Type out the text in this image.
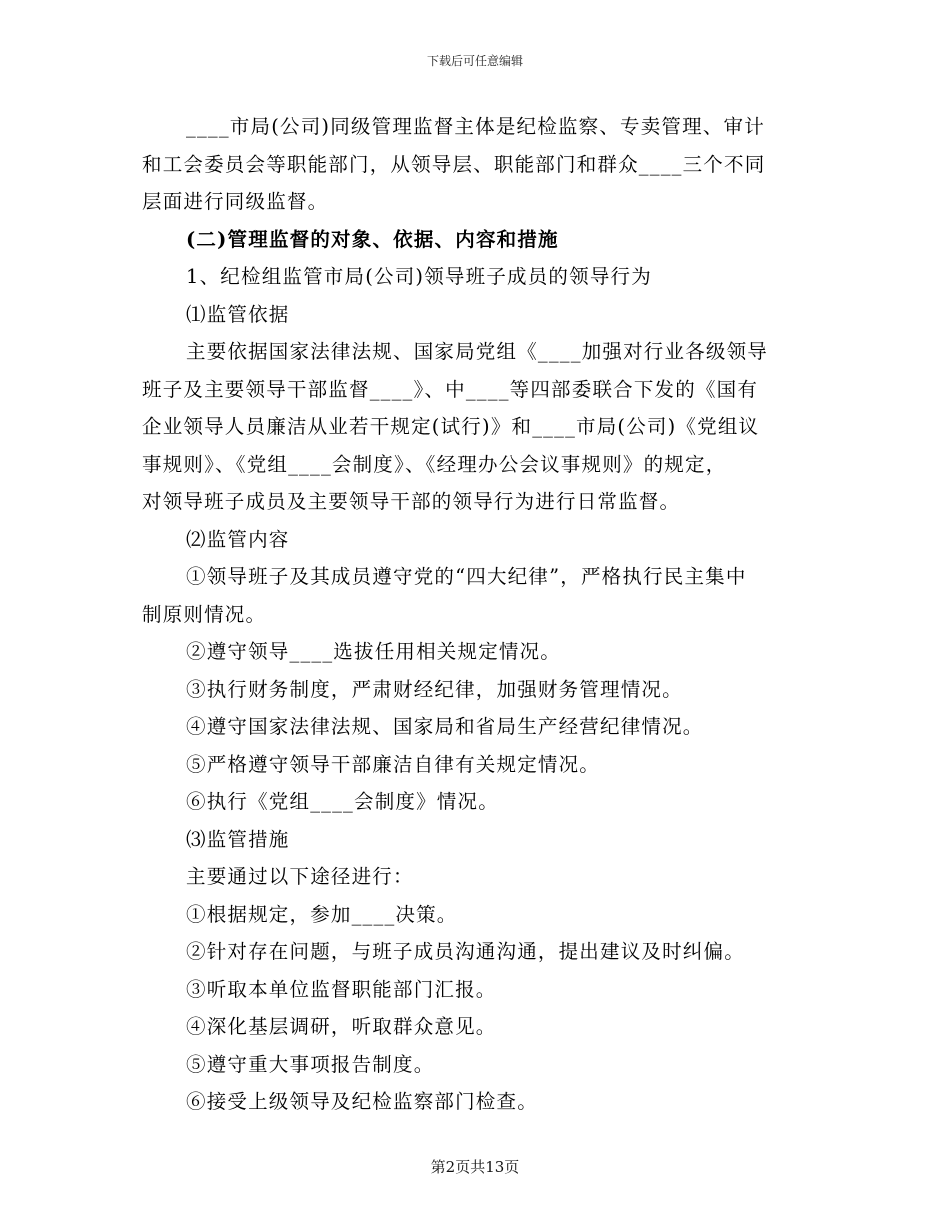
下载后可任意编辑

____市局(公司)同级管理监督主体是纪检监察、专卖管理、审计

和工会委员会等职能部门，从领导层、职能部门和群众____三个不同

层面进行同级监督。

(二)管理监督的对象、依据、内容和措施

1、纪检组监管市局(公司)领导班子成员的领导行为

⑴监管依据

主要依据国家法律法规、国家局党组《____加强对行业各级领导

班子及主要领导干部监督____》、中____等四部委联合下发的《国有

企业领导人员廉洁从业若干规定(试行)》和____市局(公司)《党组议

事规则》、《党组____会制度》、《经理办公会议事规则》的规定，

对领导班子成员及主要领导干部的领导行为进行日常监督。

⑵监管内容

①领导班子及其成员遵守党的“四大纪律”，严格执行民主集中

制原则情况。

②遵守领导____选拔任用相关规定情况。

③执行财务制度，严肃财经纪律，加强财务管理情况。

④遵守国家法律法规、国家局和省局生产经营纪律情况。

⑤严格遵守领导干部廉洁自律有关规定情况。

⑥执行《党组____会制度》情况。

⑶监管措施

主要通过以下途径进行：

①根据规定，参加____决策。

②针对存在问题，与班子成员沟通沟通，提出建议及时纠偏。

③听取本单位监督职能部门汇报。

④深化基层调研，听取群众意见。

⑤遵守重大事项报告制度。

⑥接受上级领导及纪检监察部门检查。

第2页共13页
